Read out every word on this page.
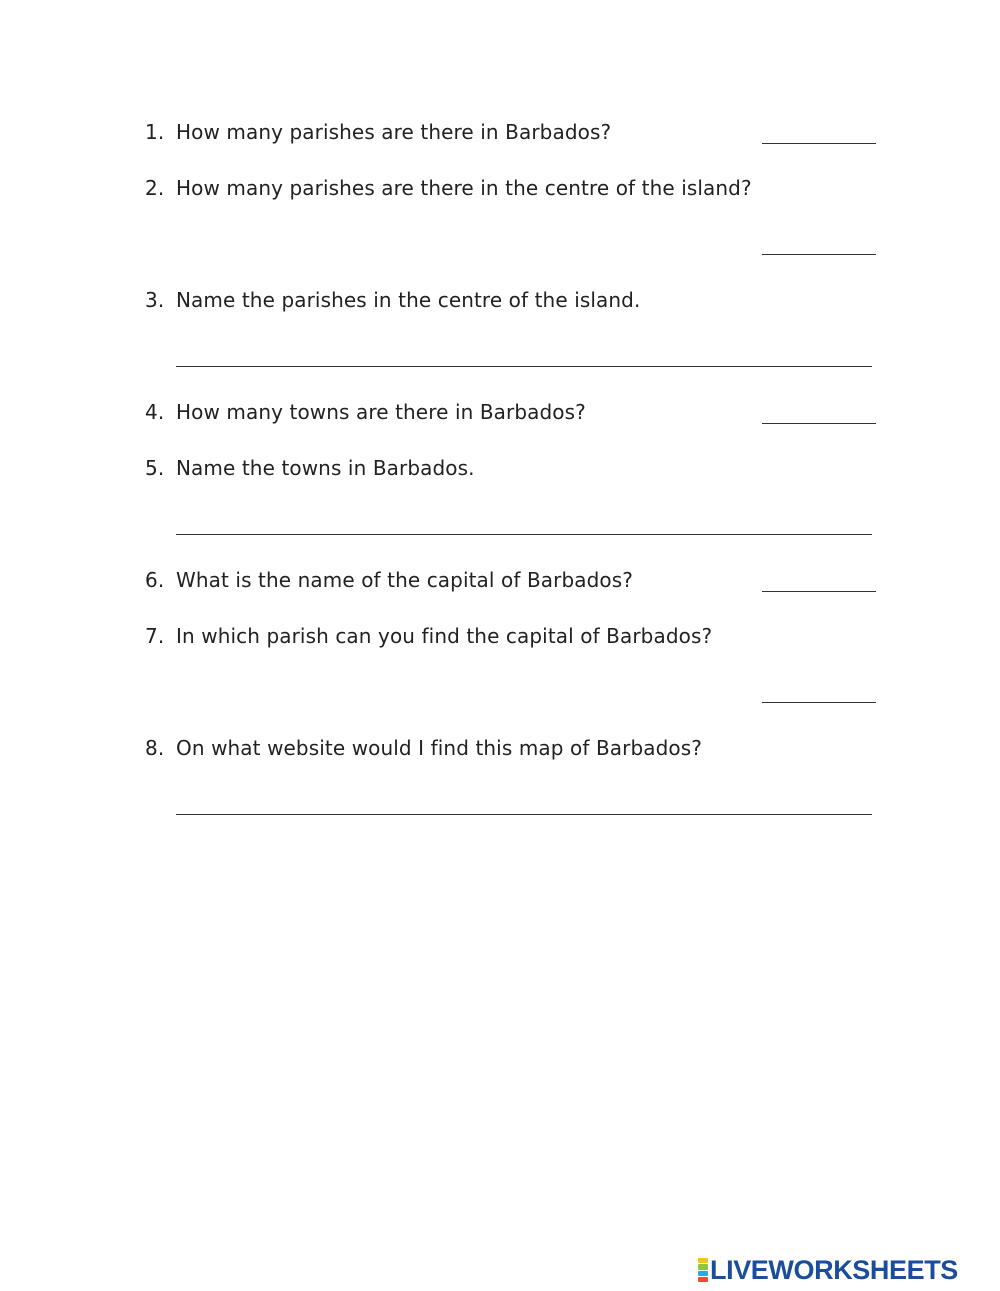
1. How many parishes are there in Barbados?
2. How many parishes are there in the centre of the island?
3. Name the parishes in the centre of the island.
4. How many towns are there in Barbados?
5. Name the towns in Barbados.
6. What is the name of the capital of Barbados?
7. In which parish can you find the capital of Barbados?
8. On what website would I find this map of Barbados?
LIVEWORKSHEETS
